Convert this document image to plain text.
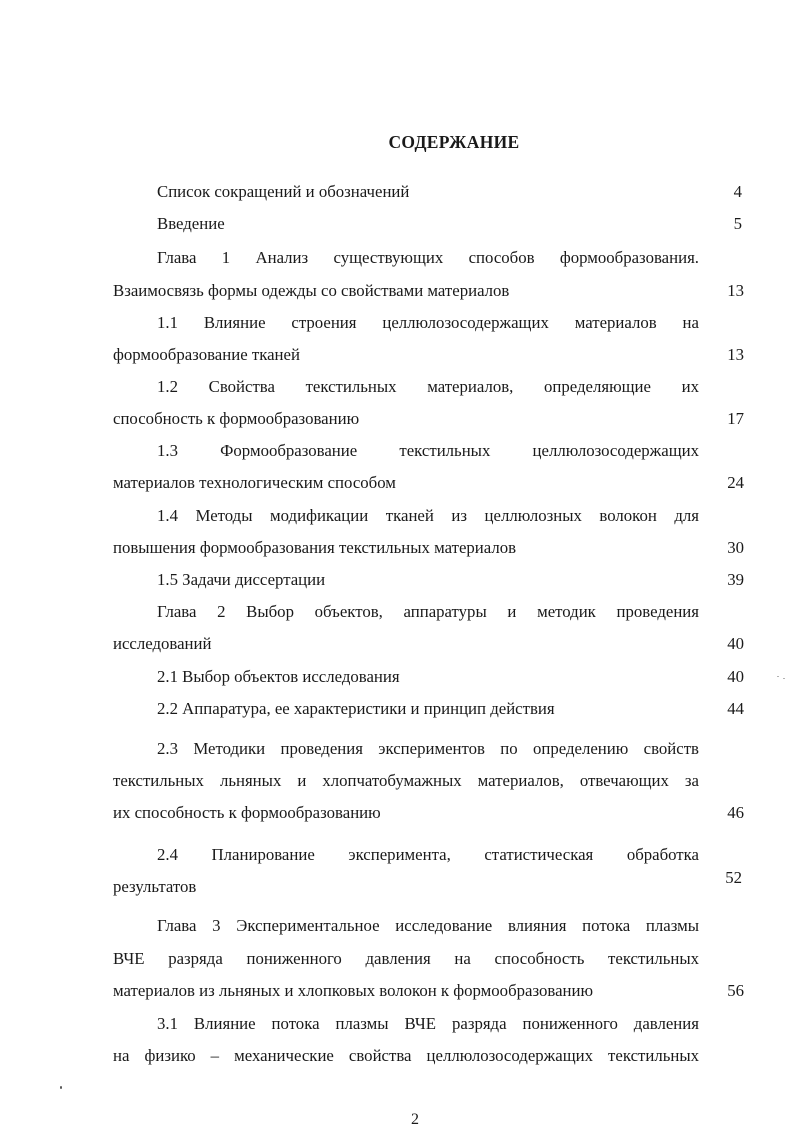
СОДЕРЖАНИЕ
Список сокращений и обозначений	4
Введение	5
Глава 1 Анализ существующих способов формообразования.
Взаимосвязь формы одежды со свойствами материалов	13
1.1 Влияние строения целлюлозосодержащих материалов на
формообразование тканей	13
1.2 Свойства текстильных материалов, определяющие их
способность к формообразованию	17
1.3 Формообразование текстильных целлюлозосодержащих
материалов технологическим способом	24
1.4 Методы модификации тканей из целлюлозных волокон для
повышения формообразования текстильных материалов	30
1.5 Задачи диссертации	39
Глава 2 Выбор объектов, аппаратуры и методик проведения
исследований	40
2.1 Выбор объектов исследования	40
2.2 Аппаратура, ее характеристики и принцип действия	44
2.3 Методики проведения экспериментов по определению свойств
текстильных льняных и хлопчатобумажных материалов, отвечающих за
их способность к формообразованию	46
2.4 Планирование эксперимента, статистическая обработка
результатов	52
Глава 3 Экспериментальное исследование влияния потока плазмы
ВЧЕ разряда пониженного давления на способность текстильных
материалов из льняных и хлопковых волокон к формообразованию	56
3.1 Влияние потока плазмы ВЧЕ разряда пониженного давления
на физико – механические свойства целлюлозосодержащих текстильных
2
